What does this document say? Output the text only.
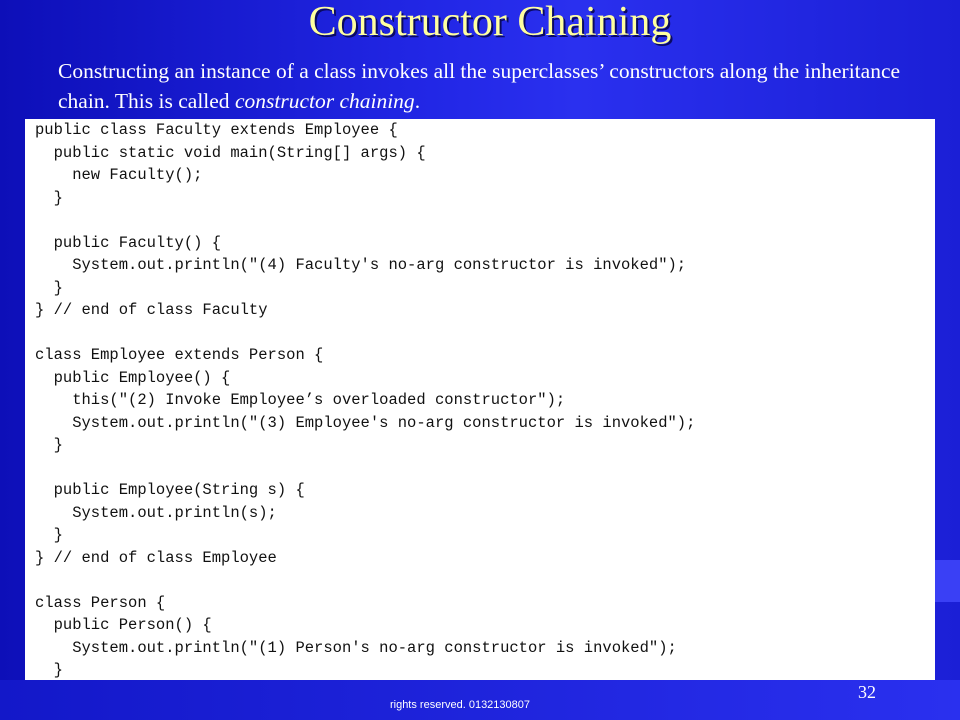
Constructor Chaining

Constructing an instance of a class invokes all the superclasses’ constructors along the inheritance chain. This is called constructor chaining.

public class Faculty extends Employee {
public static void main(String[] args) {
new Faculty();
}
public Faculty() {
System.out.println("(4) Faculty's no-arg constructor is invoked");
}
} // end of class Faculty
class Employee extends Person {
public Employee() {
this("(2) Invoke Employee’s overloaded constructor");
System.out.println("(3) Employee's no-arg constructor is invoked");
}
public Employee(String s) {
System.out.println(s);
}
} // end of class Employee
class Person {
public Person() {
System.out.println("(1) Person's no-arg constructor is invoked");
}
rights reserved. 0132130807
32
